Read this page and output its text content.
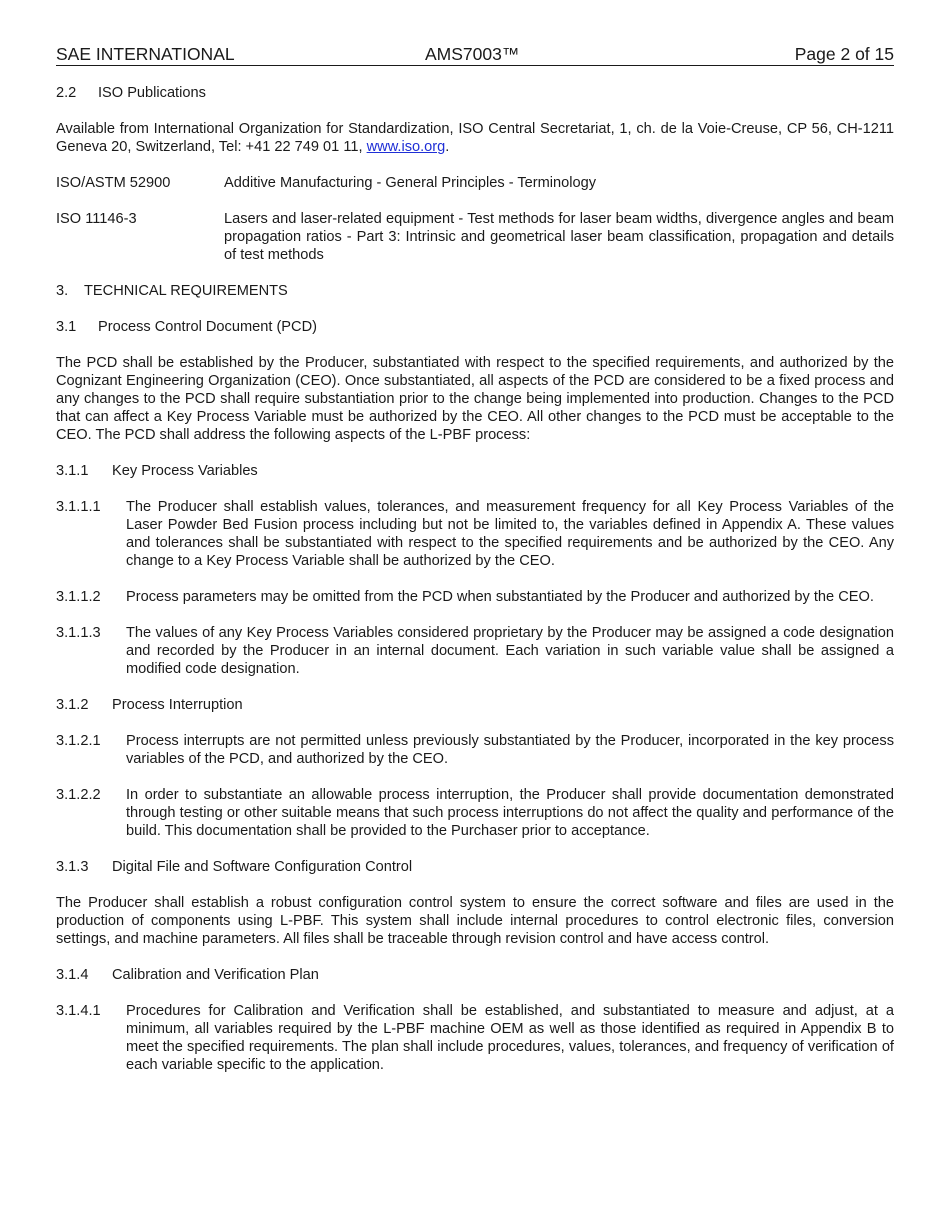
SAE INTERNATIONAL	AMS7003™	Page 2 of 15
2.2 ISO Publications

Available from International Organization for Standardization, ISO Central Secretariat, 1, ch. de la Voie-Creuse, CP 56, CH-1211 Geneva 20, Switzerland, Tel: +41 22 749 01 11, www.iso.org.

ISO/ASTM 52900	Additive Manufacturing - General Principles - Terminology
ISO 11146-3	Lasers and laser-related equipment - Test methods for laser beam widths, divergence angles and beam propagation ratios - Part 3: Intrinsic and geometrical laser beam classification, propagation and details of test methods
3. TECHNICAL REQUIREMENTS
3.1 Process Control Document (PCD)

The PCD shall be established by the Producer, substantiated with respect to the specified requirements, and authorized by the Cognizant Engineering Organization (CEO). Once substantiated, all aspects of the PCD are considered to be a fixed process and any changes to the PCD shall require substantiation prior to the change being implemented into production. Changes to the PCD that can affect a Key Process Variable must be authorized by the CEO. All other changes to the PCD must be acceptable to the CEO. The PCD shall address the following aspects of the L-PBF process:

3.1.1 Key Process Variables
3.1.1.1	The Producer shall establish values, tolerances, and measurement frequency for all Key Process Variables of the Laser Powder Bed Fusion process including but not be limited to, the variables defined in Appendix A. These values and tolerances shall be substantiated with respect to the specified requirements and be authorized by the CEO. Any change to a Key Process Variable shall be authorized by the CEO.
3.1.1.2	Process parameters may be omitted from the PCD when substantiated by the Producer and authorized by the CEO.
3.1.1.3	The values of any Key Process Variables considered proprietary by the Producer may be assigned a code designation and recorded by the Producer in an internal document. Each variation in such variable value shall be assigned a modified code designation.
3.1.2 Process Interruption
3.1.2.1	Process interrupts are not permitted unless previously substantiated by the Producer, incorporated in the key process variables of the PCD, and authorized by the CEO.
3.1.2.2	In order to substantiate an allowable process interruption, the Producer shall provide documentation demonstrated through testing or other suitable means that such process interruptions do not affect the quality and performance of the build. This documentation shall be provided to the Purchaser prior to acceptance.
3.1.3 Digital File and Software Configuration Control

The Producer shall establish a robust configuration control system to ensure the correct software and files are used in the production of components using L-PBF. This system shall include internal procedures to control electronic files, conversion settings, and machine parameters. All files shall be traceable through revision control and have access control.

3.1.4 Calibration and Verification Plan
3.1.4.1	Procedures for Calibration and Verification shall be established, and substantiated to measure and adjust, at a minimum, all variables required by the L-PBF machine OEM as well as those identified as required in Appendix B to meet the specified requirements. The plan shall include procedures, values, tolerances, and frequency of verification of each variable specific to the application.
